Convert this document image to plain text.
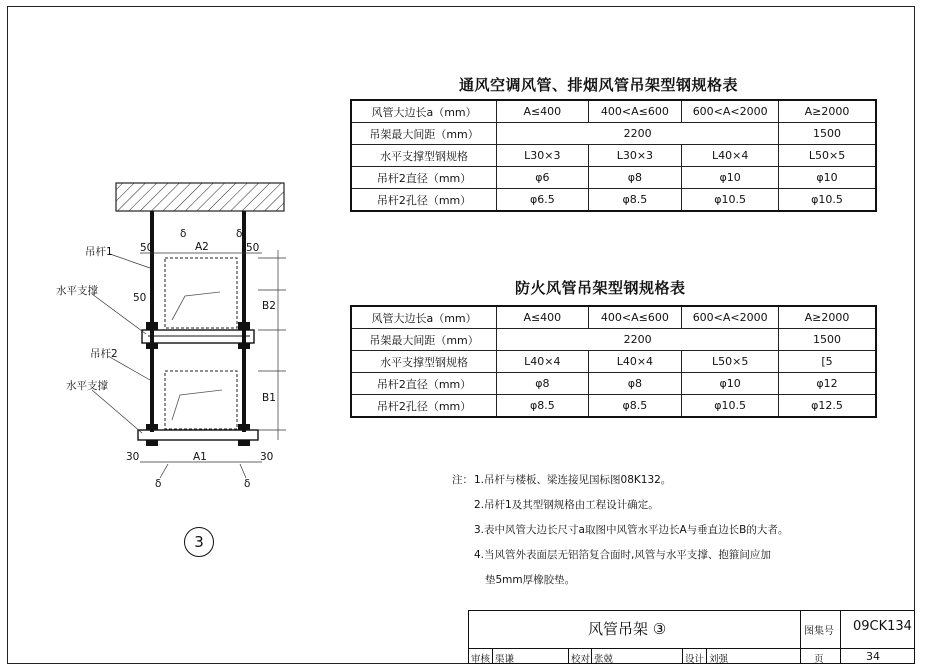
通风空调风管、排烟风管吊架型钢规格表
风管大边长a（mm）	A≤400	400<A≤600	600<A<2000	A≥2000
吊架最大间距（mm）	2200			1500
水平支撑型钢规格	L30×3	L30×3	L40×4	L50×5
吊杆2直径（mm）	φ6	φ8	φ10	φ10
吊杆2孔径（mm）	φ6.5	φ8.5	φ10.5	φ10.5
防火风管吊架型钢规格表
风管大边长a（mm）	A≤400	400<A≤600	600<A<2000	A≥2000
吊架最大间距（mm）	2200			1500
水平支撑型钢规格	L40×4	L40×4	L50×5	[5
吊杆2直径（mm）	φ8	φ8	φ10	φ12
吊杆2孔径（mm）	φ8.5	φ8.5	φ10.5	φ12.5
注： 1.吊杆与楼板、梁连接见国标图08K132。
2.吊杆1及其型钢规格由工程设计确定。
3.表中风管大边长尺寸a取图中风管水平边长A与垂直边长B的大者。
4.当风管外表面层无铝箔复合面时,风管与水平支撑、抱箍间应加
垫5mm厚橡胶垫。
吊杆1
水平支撑
吊杆2
水平支撑
50	50
50
A2
A1
B2
B1
30	30
δ	δ
δ	δ
3
风管吊架 ③	图集号 09CK134
审核 渠谦	校对 张兢	设计 刘强	页	34
